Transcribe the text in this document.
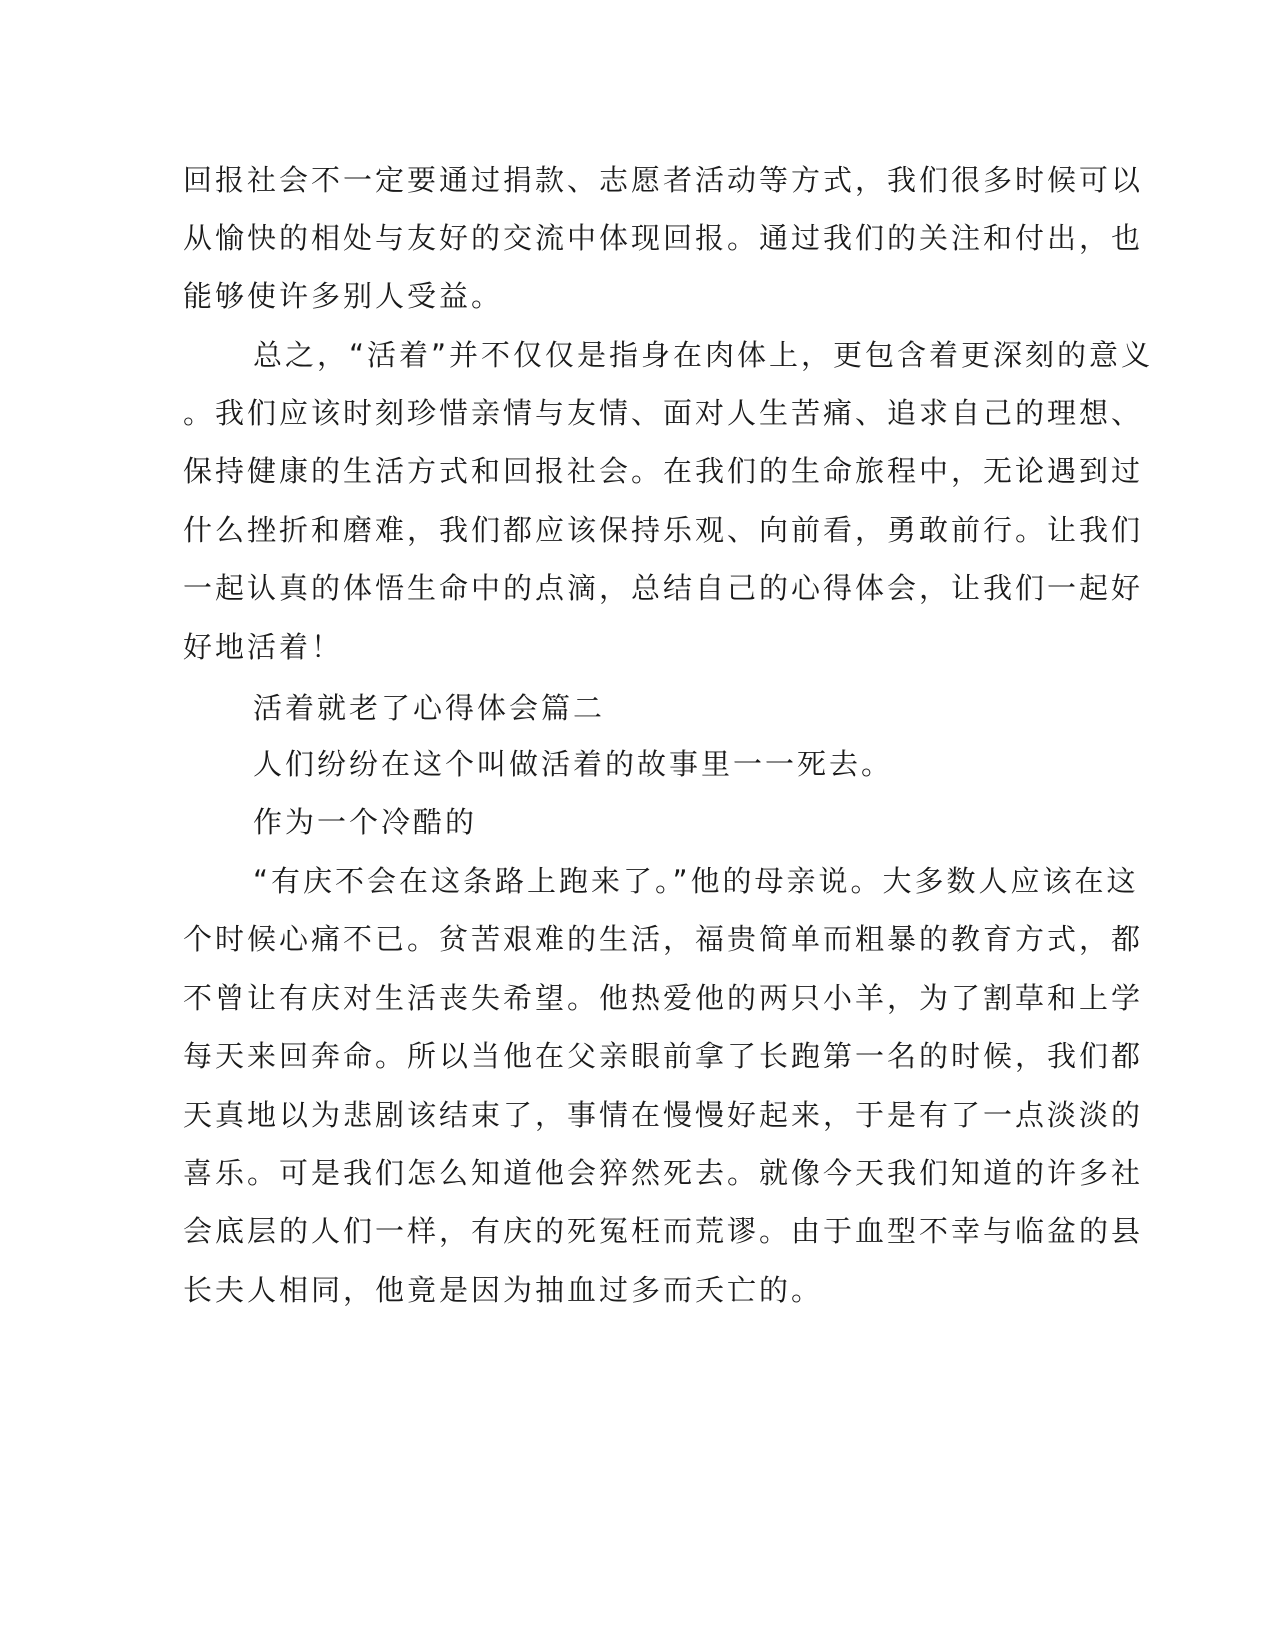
回报社会不一定要通过捐款、志愿者活动等方式，我们很多时候可以
从愉快的相处与友好的交流中体现回报。通过我们的关注和付出，也
能够使许多别人受益。
总之，“活着”并不仅仅是指身在肉体上，更包含着更深刻的意义
。我们应该时刻珍惜亲情与友情、面对人生苦痛、追求自己的理想、
保持健康的生活方式和回报社会。在我们的生命旅程中，无论遇到过
什么挫折和磨难，我们都应该保持乐观、向前看，勇敢前行。让我们
一起认真的体悟生命中的点滴，总结自己的心得体会，让我们一起好
好地活着！
活着就老了心得体会篇二
人们纷纷在这个叫做活着的故事里一一死去。
作为一个冷酷的
“有庆不会在这条路上跑来了。”他的母亲说。大多数人应该在这
个时候心痛不已。贫苦艰难的生活，福贵简单而粗暴的教育方式，都
不曾让有庆对生活丧失希望。他热爱他的两只小羊，为了割草和上学
每天来回奔命。所以当他在父亲眼前拿了长跑第一名的时候，我们都
天真地以为悲剧该结束了，事情在慢慢好起来，于是有了一点淡淡的
喜乐。可是我们怎么知道他会猝然死去。就像今天我们知道的许多社
会底层的人们一样，有庆的死冤枉而荒谬。由于血型不幸与临盆的县
长夫人相同，他竟是因为抽血过多而夭亡的。
